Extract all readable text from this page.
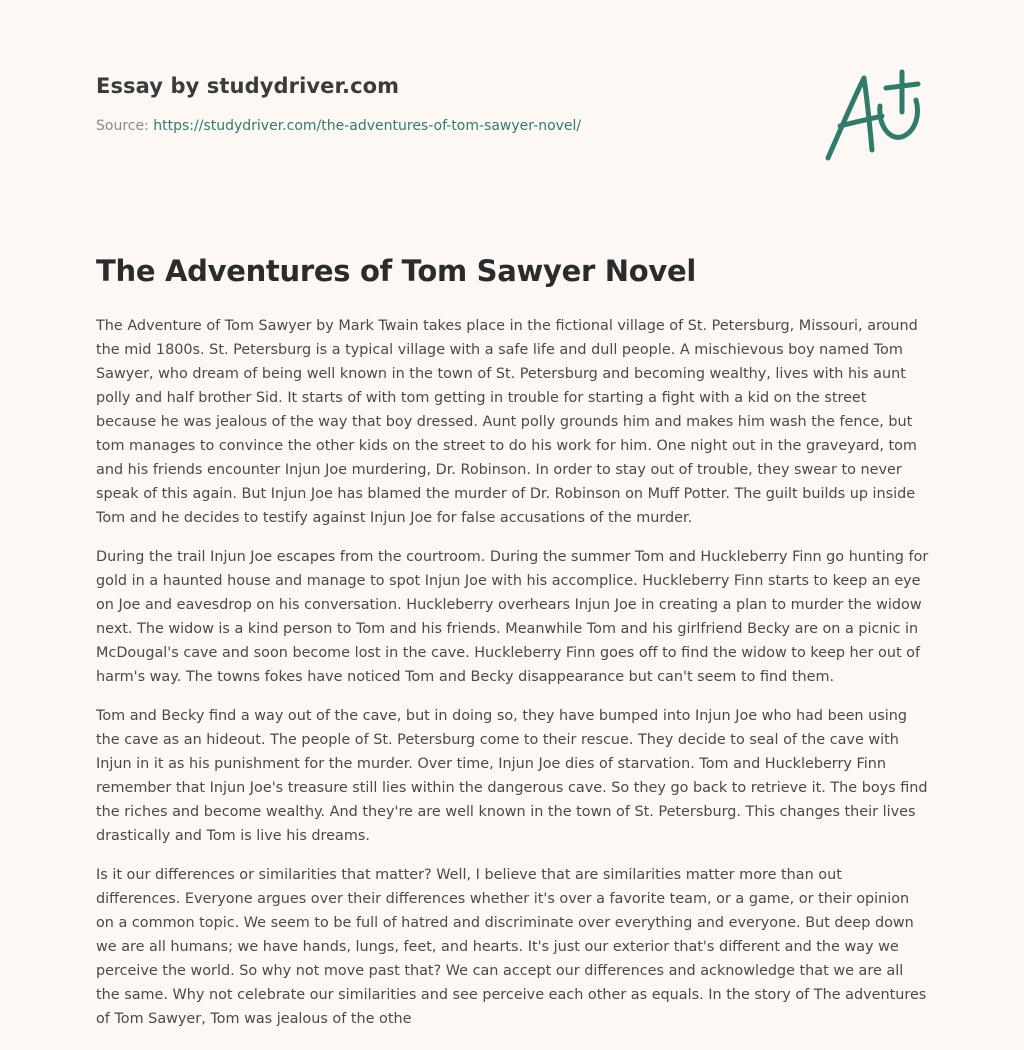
Essay by studydriver.com
Source: https://studydriver.com/the-adventures-of-tom-sawyer-novel/
The Adventures of Tom Sawyer Novel

The Adventure of Tom Sawyer by Mark Twain takes place in the fictional village of St. Petersburg, Missouri, around the mid 1800s. St. Petersburg is a typical village with a safe life and dull people. A mischievous boy named Tom Sawyer, who dream of being well known in the town of St. Petersburg and becoming wealthy, lives with his aunt polly and half brother Sid. It starts of with tom getting in trouble for starting a fight with a kid on the street because he was jealous of the way that boy dressed. Aunt polly grounds him and makes him wash the fence, but tom manages to convince the other kids on the street to do his work for him. One night out in the graveyard, tom and his friends encounter Injun Joe murdering, Dr. Robinson. In order to stay out of trouble, they swear to never speak of this again. But Injun Joe has blamed the murder of Dr. Robinson on Muff Potter. The guilt builds up inside Tom and he decides to testify against Injun Joe for false accusations of the murder.

During the trail Injun Joe escapes from the courtroom. During the summer Tom and Huckleberry Finn go hunting for gold in a haunted house and manage to spot Injun Joe with his accomplice. Huckleberry Finn starts to keep an eye on Joe and eavesdrop on his conversation. Huckleberry overhears Injun Joe in creating a plan to murder the widow next. The widow is a kind person to Tom and his friends. Meanwhile Tom and his girlfriend Becky are on a picnic in McDougal's cave and soon become lost in the cave. Huckleberry Finn goes off to find the widow to keep her out of harm's way. The towns fokes have noticed Tom and Becky disappearance but can't seem to find them.

Tom and Becky find a way out of the cave, but in doing so, they have bumped into Injun Joe who had been using the cave as an hideout. The people of St. Petersburg come to their rescue. They decide to seal of the cave with Injun in it as his punishment for the murder. Over time, Injun Joe dies of starvation. Tom and Huckleberry Finn remember that Injun Joe's treasure still lies within the dangerous cave. So they go back to retrieve it. The boys find the riches and become wealthy. And they're are well known in the town of St. Petersburg. This changes their lives drastically and Tom is live his dreams.

Is it our differences or similarities that matter? Well, I believe that are similarities matter more than out differences. Everyone argues over their differences whether it's over a favorite team, or a game, or their opinion on a common topic. We seem to be full of hatred and discriminate over everything and everyone. But deep down we are all humans; we have hands, lungs, feet, and hearts. It's just our exterior that's different and the way we perceive the world. So why not move past that? We can accept our differences and acknowledge that we are all the same. Why not celebrate our similarities and see perceive each other as equals. In the story of The adventures of Tom Sawyer, Tom was jealous of the othe
